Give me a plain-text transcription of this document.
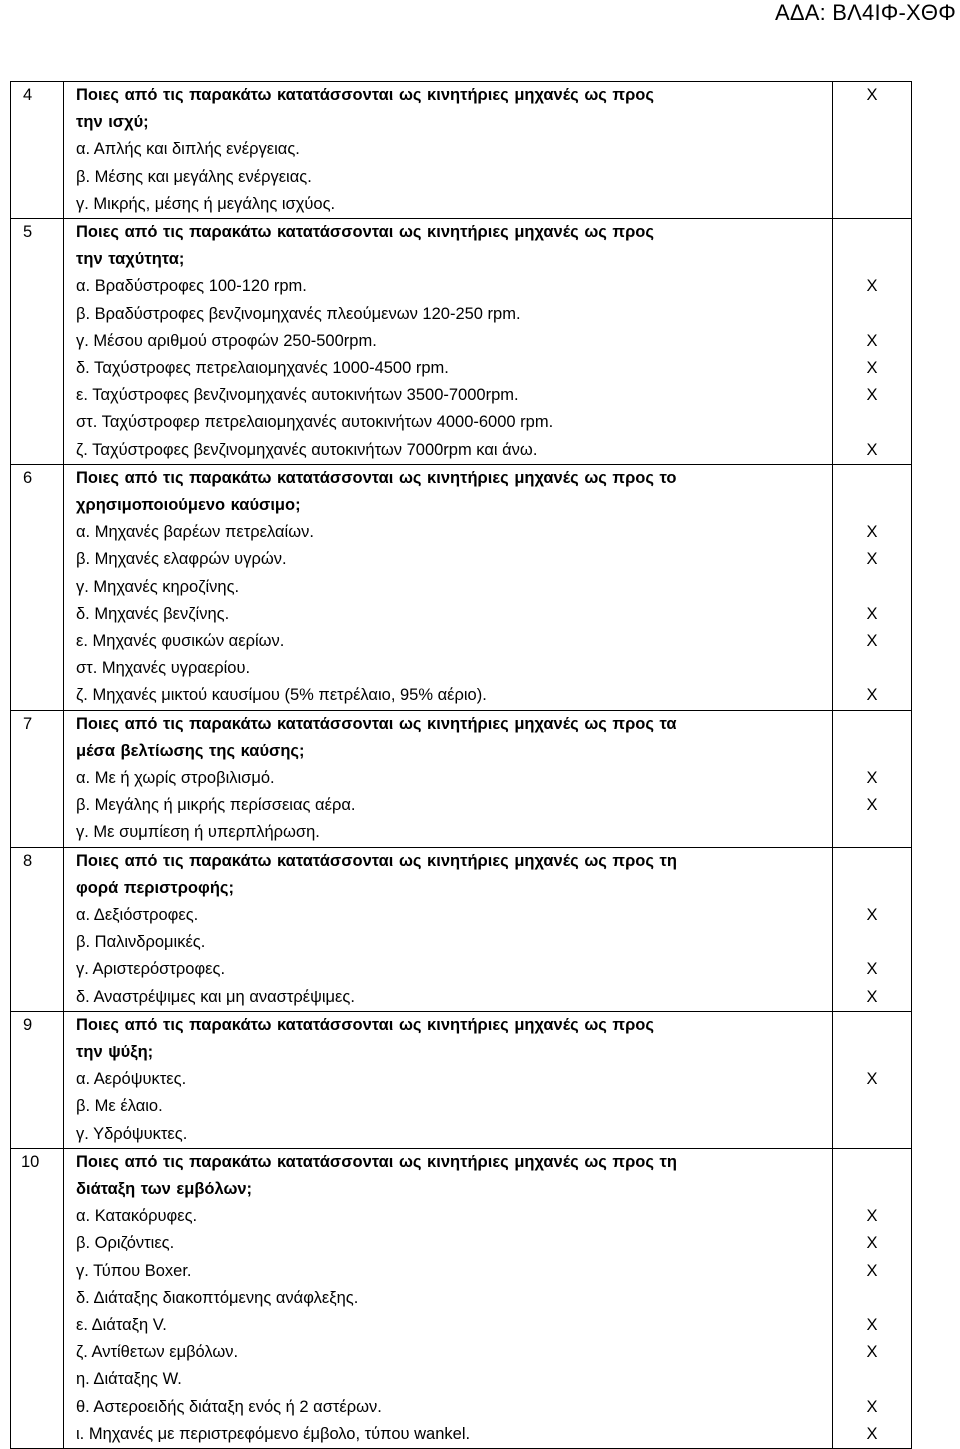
ΑΔΑ: ΒΛ4ΙΦ-ΧΘΦ
4	Ποιες από τις παρακάτω κατατάσσονται ως κινητήριες μηχανές ως προς
την ισχύ;	Χ
	α. Απλής και διπλής ενέργειας.	
	β. Μέσης και μεγάλης ενέργειας.	
	γ. Μικρής, μέσης ή μεγάλης ισχύος.	
5	Ποιες από τις παρακάτω κατατάσσονται ως κινητήριες μηχανές ως προς
την ταχύτητα;	

	α. Βραδύστροφες 100-120 rpm.	Χ
	β. Βραδύστροφες βενζινομηχανές πλεούμενων 120-250 rpm.	
	γ. Μέσου αριθμού στροφών 250-500rpm.	Χ
	δ. Ταχύστροφες πετρελαιομηχανές 1000-4500 rpm.	Χ
	ε. Ταχύστροφες βενζινομηχανές αυτοκινήτων 3500-7000rpm.	Χ
	στ. Ταχύστροφερ πετρελαιομηχανές αυτοκινήτων 4000-6000 rpm.	
	ζ. Ταχύστροφες βενζινομηχανές αυτοκινήτων 7000rpm και άνω.	Χ
6	Ποιες από τις παρακάτω κατατάσσονται ως κινητήριες μηχανές ως προς το
χρησιμοποιούμενο καύσιμο;	

	α. Μηχανές βαρέων πετρελαίων.	Χ
	β. Μηχανές ελαφρών υγρών.	Χ
	γ. Μηχανές κηροζίνης.	
	δ. Μηχανές βενζίνης.	Χ
	ε. Μηχανές φυσικών αερίων.	Χ
	στ. Μηχανές υγραερίου.	
	ζ. Μηχανές μικτού καυσίμου (5% πετρέλαιο, 95% αέριο).	Χ
7	Ποιες από τις παρακάτω κατατάσσονται ως κινητήριες μηχανές ως προς τα
μέσα βελτίωσης της καύσης;	

	α. Με ή χωρίς στροβιλισμό.	Χ
	β. Μεγάλης ή μικρής περίσσειας αέρα.	Χ
	γ. Με συμπίεση ή υπερπλήρωση.	
8	Ποιες από τις παρακάτω κατατάσσονται ως κινητήριες μηχανές ως προς τη
φορά περιστροφής;	

	α. Δεξιόστροφες.	Χ
	β. Παλινδρομικές.	
	γ. Αριστερόστροφες.	Χ
	δ. Αναστρέψιμες και μη αναστρέψιμες.	Χ
9	Ποιες από τις παρακάτω κατατάσσονται ως κινητήριες μηχανές ως προς
την ψύξη;	

	α. Αερόψυκτες.	Χ
	β. Με έλαιο.	
	γ. Υδρόψυκτες.	
10	Ποιες από τις παρακάτω κατατάσσονται ως κινητήριες μηχανές ως προς τη
διάταξη των εμβόλων;	

	α. Κατακόρυφες.	Χ
	β. Οριζόντιες.	Χ
	γ. Τύπου Boxer.	Χ
	δ. Διάταξης διακοπτόμενης ανάφλεξης.	
	ε. Διάταξη V.	Χ
	ζ. Αντίθετων εμβόλων.	Χ
	η. Διάταξης W.	
	θ. Αστεροειδής διάταξη ενός ή 2 αστέρων.	Χ
	ι. Μηχανές με περιστρεφόμενο έμβολο, τύπου wankel.	Χ
